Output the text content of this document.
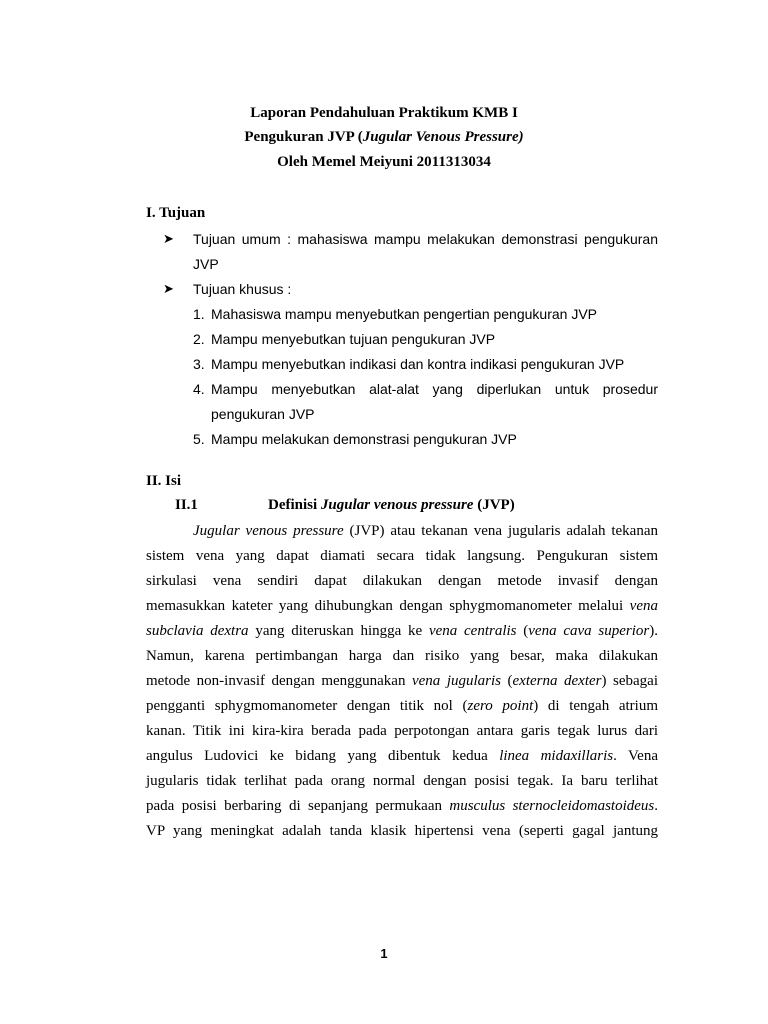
Laporan Pendahuluan Praktikum KMB I
Pengukuran JVP (Jugular Venous Pressure)
Oleh Memel Meiyuni 2011313034
I. Tujuan
➤ Tujuan umum : mahasiswa mampu melakukan demonstrasi pengukuran
JVP
➤ Tujuan khusus :
1. Mahasiswa mampu menyebutkan pengertian pengukuran JVP
2. Mampu menyebutkan tujuan pengukuran JVP
3. Mampu menyebutkan indikasi dan kontra indikasi pengukuran JVP
4. Mampu menyebutkan alat-alat yang diperlukan untuk prosedur
pengukuran JVP
5. Mampu melakukan demonstrasi pengukuran JVP
II. Isi
II.1	Definisi Jugular venous pressure (JVP)
Jugular venous pressure (JVP) atau tekanan vena jugularis adalah tekanan
sistem vena yang dapat diamati secara tidak langsung. Pengukuran sistem
sirkulasi vena sendiri dapat dilakukan dengan metode invasif dengan
memasukkan kateter yang dihubungkan dengan sphygmomanometer melalui vena
subclavia dextra yang diteruskan hingga ke vena centralis (vena cava superior).
Namun, karena pertimbangan harga dan risiko yang besar, maka dilakukan
metode non-invasif dengan menggunakan vena jugularis (externa dexter) sebagai
pengganti sphygmomanometer dengan titik nol (zero point) di tengah atrium
kanan. Titik ini kira-kira berada pada perpotongan antara garis tegak lurus dari
angulus Ludovici ke bidang yang dibentuk kedua linea midaxillaris. Vena
jugularis tidak terlihat pada orang normal dengan posisi tegak. Ia baru terlihat
pada posisi berbaring di sepanjang permukaan musculus sternocleidomastoideus.
VP yang meningkat adalah tanda klasik hipertensi vena (seperti gagal jantung
1
